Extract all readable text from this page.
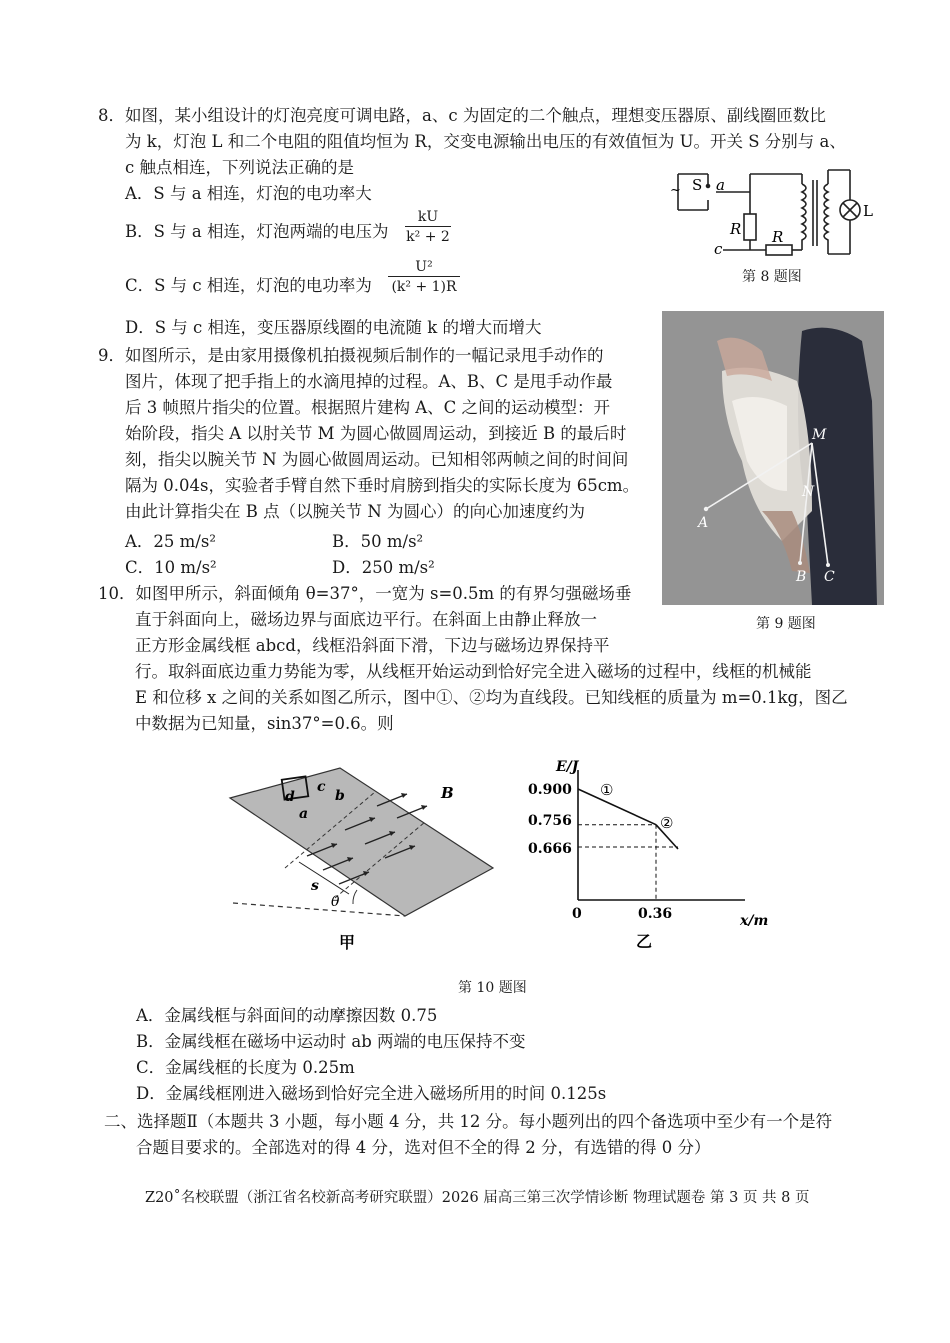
8．如图，某小组设计的灯泡亮度可调电路，a、c 为固定的二个触点，理想变压器原、副线圈匝数比
为 k，灯泡 L 和二个电阻的阻值均恒为 R，交变电源输出电压的有效值恒为 U。开关 S 分别与 a、
c 触点相连，下列说法正确的是
A．S 与 a 相连，灯泡的电功率大
B．S 与 a 相连，灯泡两端的电压为 $\frac{kU}{\text{k² + 2}}$
C．S 与 c 相连，灯泡的电功率为 $\frac{\text{U²}}{\text{(k² + 1)R}}$
D．S 与 c 相连，变压器原线圈的电流随 k 的增大而增大
~ S a
c
R R
L
第 8 题图
9．如图所示，是由家用摄像机拍摄视频后制作的一幅记录甩手动作的
图片，体现了把手指上的水滴甩掉的过程。A、B、C 是甩手动作最
后 3 帧照片指尖的位置。根据照片建构 A、C 之间的运动模型：开
始阶段，指尖 A 以肘关节 M 为圆心做圆周运动，到接近 B 的最后时
刻，指尖以腕关节 N 为圆心做圆周运动。已知相邻两帧之间的时间间
隔为 0.04s，实验者手臂自然下垂时肩膀到指尖的实际长度为 65cm。
由此计算指尖在 B 点（以腕关节 N 为圆心）的向心加速度约为
A．25 m/s²	B．50 m/s²
C．10 m/s²	D．250 m/s²
M
N
A
B C
第 9 题图
10．如图甲所示，斜面倾角 θ=37°，一宽为 s=0.5m 的有界匀强磁场垂
直于斜面向上，磁场边界与面底边平行。在斜面上由静止释放一
正方形金属线框 abcd，线框沿斜面下滑，下边与磁场边界保持平
行。取斜面底边重力势能为零，从线框开始运动到恰好完全进入磁场的过程中，线框的机械能
E 和位移 x 之间的关系如图乙所示，图中①、②均为直线段。已知线框的质量为 m=0.1kg，图乙
中数据为已知量，sin37°=0.6。则
d
c
b
a
B
s
θ
甲
E/J
x/m
0.900
0.756
0.666
0	0.36
①
②
乙
第 10 题图
A．金属线框与斜面间的动摩擦因数 0.75
B．金属线框在磁场中运动时 ab 两端的电压保持不变
C．金属线框的长度为 0.25m
D．金属线框刚进入磁场到恰好完全进入磁场所用的时间 0.125s
二、选择题Ⅱ（本题共 3 小题，每小题 4 分，共 12 分。每小题列出的四个备选项中至少有一个是符
合题目要求的。全部选对的得 4 分，选对但不全的得 2 分，有选错的得 0 分）
Z20˚名校联盟（浙江省名校新高考研究联盟）2026 届高三第三次学情诊断 物理试题卷 第 3 页 共 8 页
